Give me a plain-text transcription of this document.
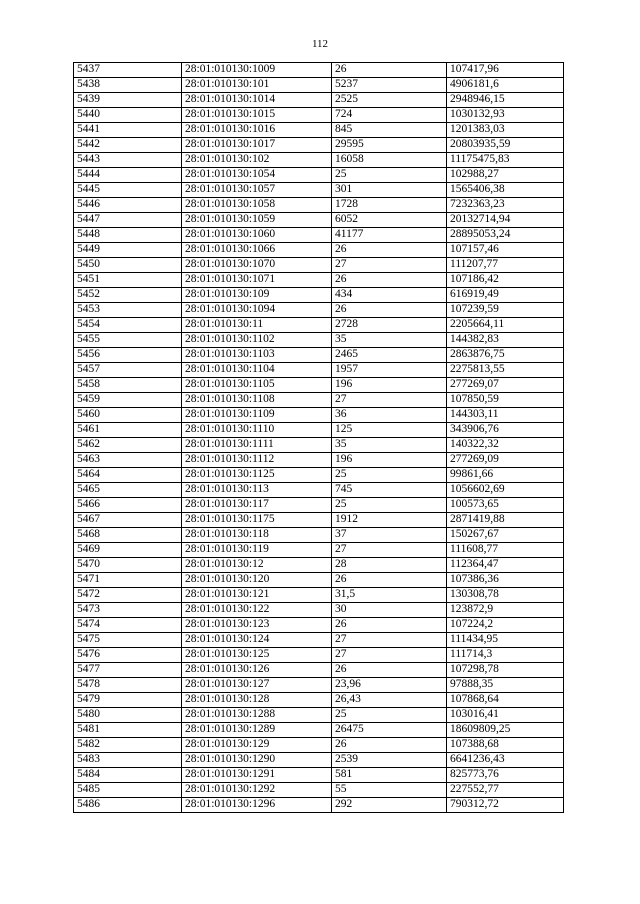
112
5437	28:01:010130:1009	26	107417,96
5438	28:01:010130:101	5237	4906181,6
5439	28:01:010130:1014	2525	2948946,15
5440	28:01:010130:1015	724	1030132,93
5441	28:01:010130:1016	845	1201383,03
5442	28:01:010130:1017	29595	20803935,59
5443	28:01:010130:102	16058	11175475,83
5444	28:01:010130:1054	25	102988,27
5445	28:01:010130:1057	301	1565406,38
5446	28:01:010130:1058	1728	7232363,23
5447	28:01:010130:1059	6052	20132714,94
5448	28:01:010130:1060	41177	28895053,24
5449	28:01:010130:1066	26	107157,46
5450	28:01:010130:1070	27	111207,77
5451	28:01:010130:1071	26	107186,42
5452	28:01:010130:109	434	616919,49
5453	28:01:010130:1094	26	107239,59
5454	28:01:010130:11	2728	2205664,11
5455	28:01:010130:1102	35	144382,83
5456	28:01:010130:1103	2465	2863876,75
5457	28:01:010130:1104	1957	2275813,55
5458	28:01:010130:1105	196	277269,07
5459	28:01:010130:1108	27	107850,59
5460	28:01:010130:1109	36	144303,11
5461	28:01:010130:1110	125	343906,76
5462	28:01:010130:1111	35	140322,32
5463	28:01:010130:1112	196	277269,09
5464	28:01:010130:1125	25	99861,66
5465	28:01:010130:113	745	1056602,69
5466	28:01:010130:117	25	100573,65
5467	28:01:010130:1175	1912	2871419,88
5468	28:01:010130:118	37	150267,67
5469	28:01:010130:119	27	111608,77
5470	28:01:010130:12	28	112364,47
5471	28:01:010130:120	26	107386,36
5472	28:01:010130:121	31,5	130308,78
5473	28:01:010130:122	30	123872,9
5474	28:01:010130:123	26	107224,2
5475	28:01:010130:124	27	111434,95
5476	28:01:010130:125	27	111714,3
5477	28:01:010130:126	26	107298,78
5478	28:01:010130:127	23,96	97888,35
5479	28:01:010130:128	26,43	107868,64
5480	28:01:010130:1288	25	103016,41
5481	28:01:010130:1289	26475	18609809,25
5482	28:01:010130:129	26	107388,68
5483	28:01:010130:1290	2539	6641236,43
5484	28:01:010130:1291	581	825773,76
5485	28:01:010130:1292	55	227552,77
5486	28:01:010130:1296	292	790312,72
